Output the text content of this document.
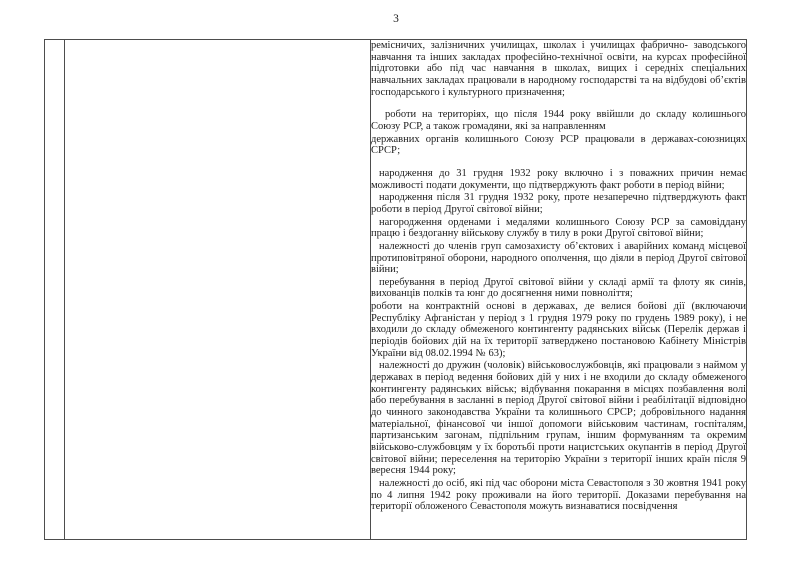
3

ремісничих, залізничних училищах, школах і училищах фабрично- заводського навчання та інших закладах професійно-технічної освіти, на курсах професійної підготовки або під час навчання в школах, вищих і середніх спеціальних навчальних закладах працювали в народному господарстві та на відбудові об’єктів господарського і культурного призначення;

роботи на територіях, що після 1944 року ввійшли до складу колишнього Союзу РСР, а також громадяни, які за направленням

державних органів колишнього Союзу РСР працювали в державах-союзницях СРСР;

народження до 31 грудня 1932 року включно і з поважних причин немає можливості подати документи, що підтверджують факт роботи в період війни;

народження після 31 грудня 1932 року, проте незаперечно підтверджують факт роботи в період Другої світової війни;

нагородження орденами і медалями колишнього Союзу РСР за самовіддану працю і бездоганну військову службу в тилу в роки Другої світової війни;

належності до членів груп самозахисту об’єктових і аварійних команд місцевої протиповітряної оборони, народного ополчення, що діяли в період Другої світової війни;

перебування в період Другої світової війни у складі армії та флоту як синів, вихованців полків та юнг до досягнення ними повноліття;

роботи на контрактній основі в державах, де велися бойові дії (включаючи Республіку Афганістан у період з 1 грудня 1979 року по грудень 1989 року), і не входили до складу обмеженого контингенту радянських військ (Перелік держав і періодів бойових дій на їх території затверджено постановою Кабінету Міністрів України від 08.02.1994 № 63);

належності до дружин (чоловік) військовослужбовців, які працювали з наймом у державах в період ведення бойових дій у них і не входили до складу обмеженого контингенту радянських військ; відбування покарання в місцях позбавлення волі або перебування в засланні в період Другої світової війни і реабілітації відповідно до чинного законодавства України та колишнього СРСР; добровільного надання матеріальної, фінансової чи іншої допомоги військовим частинам, госпіталям, партизанським загонам, підпільним групам, іншим формуванням та окремим військово-службовцям у їх боротьбі проти нацистських окупантів в період Другої світової війни; переселення на територію України з території інших країн після 9 вересня 1944 року;

належності до осіб, які під час оборони міста Севастополя з 30 жовтня 1941 року по 4 липня 1942 року проживали на його території. Доказами перебування на території обложеного Севастополя можуть визнаватися посвідчення
